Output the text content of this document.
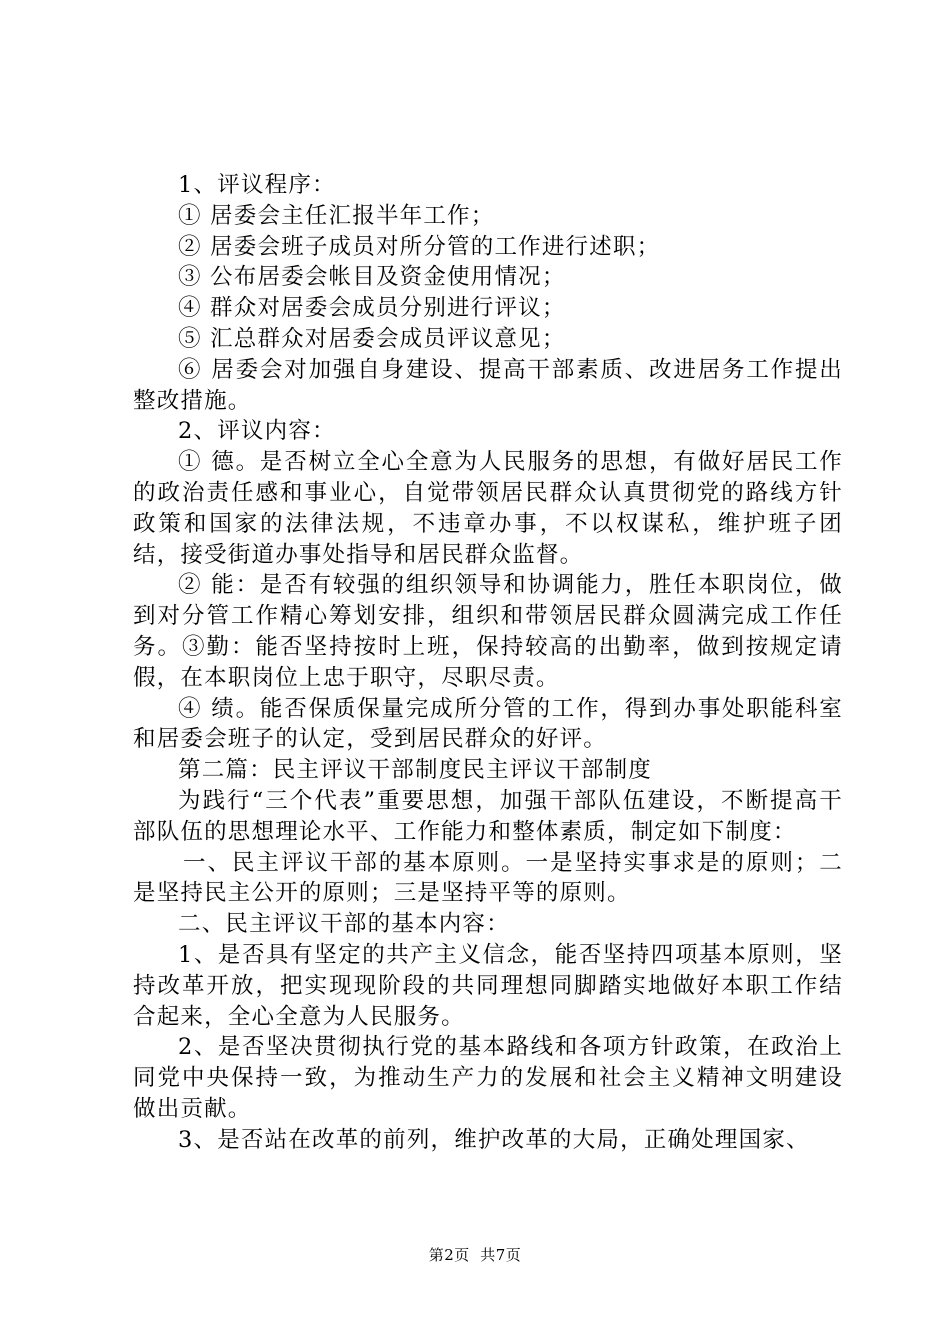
1、评议程序：

① 居委会主任汇报半年工作；

② 居委会班子成员对所分管的工作进行述职；

③ 公布居委会帐目及资金使用情况；

④ 群众对居委会成员分别进行评议；

⑤ 汇总群众对居委会成员评议意见；

⑥ 居委会对加强自身建设、提高干部素质、改进居务工作提出整改措施。

2、评议内容：

① 德。是否树立全心全意为人民服务的思想，有做好居民工作的政治责任感和事业心，自觉带领居民群众认真贯彻党的路线方针政策和国家的法律法规，不违章办事，不以权谋私，维护班子团结，接受街道办事处指导和居民群众监督。

② 能：是否有较强的组织领导和协调能力，胜任本职岗位，做到对分管工作精心筹划安排，组织和带领居民群众圆满完成工作任务。③勤：能否坚持按时上班，保持较高的出勤率，做到按规定请假，在本职岗位上忠于职守，尽职尽责。

④ 绩。能否保质保量完成所分管的工作，得到办事处职能科室和居委会班子的认定，受到居民群众的好评。

第二篇：民主评议干部制度民主评议干部制度

为践行“三个代表”重要思想，加强干部队伍建设，不断提高干部队伍的思想理论水平、工作能力和整体素质，制定如下制度：

一、民主评议干部的基本原则。一是坚持实事求是的原则；二是坚持民主公开的原则；三是坚持平等的原则。

二、民主评议干部的基本内容：

1、是否具有坚定的共产主义信念，能否坚持四项基本原则，坚持改革开放，把实现现阶段的共同理想同脚踏实地做好本职工作结合起来，全心全意为人民服务。

2、是否坚决贯彻执行党的基本路线和各项方针政策，在政治上同党中央保持一致，为推动生产力的发展和社会主义精神文明建设做出贡献。

3、是否站在改革的前列，维护改革的大局，正确处理国家、

第2页  共7页
